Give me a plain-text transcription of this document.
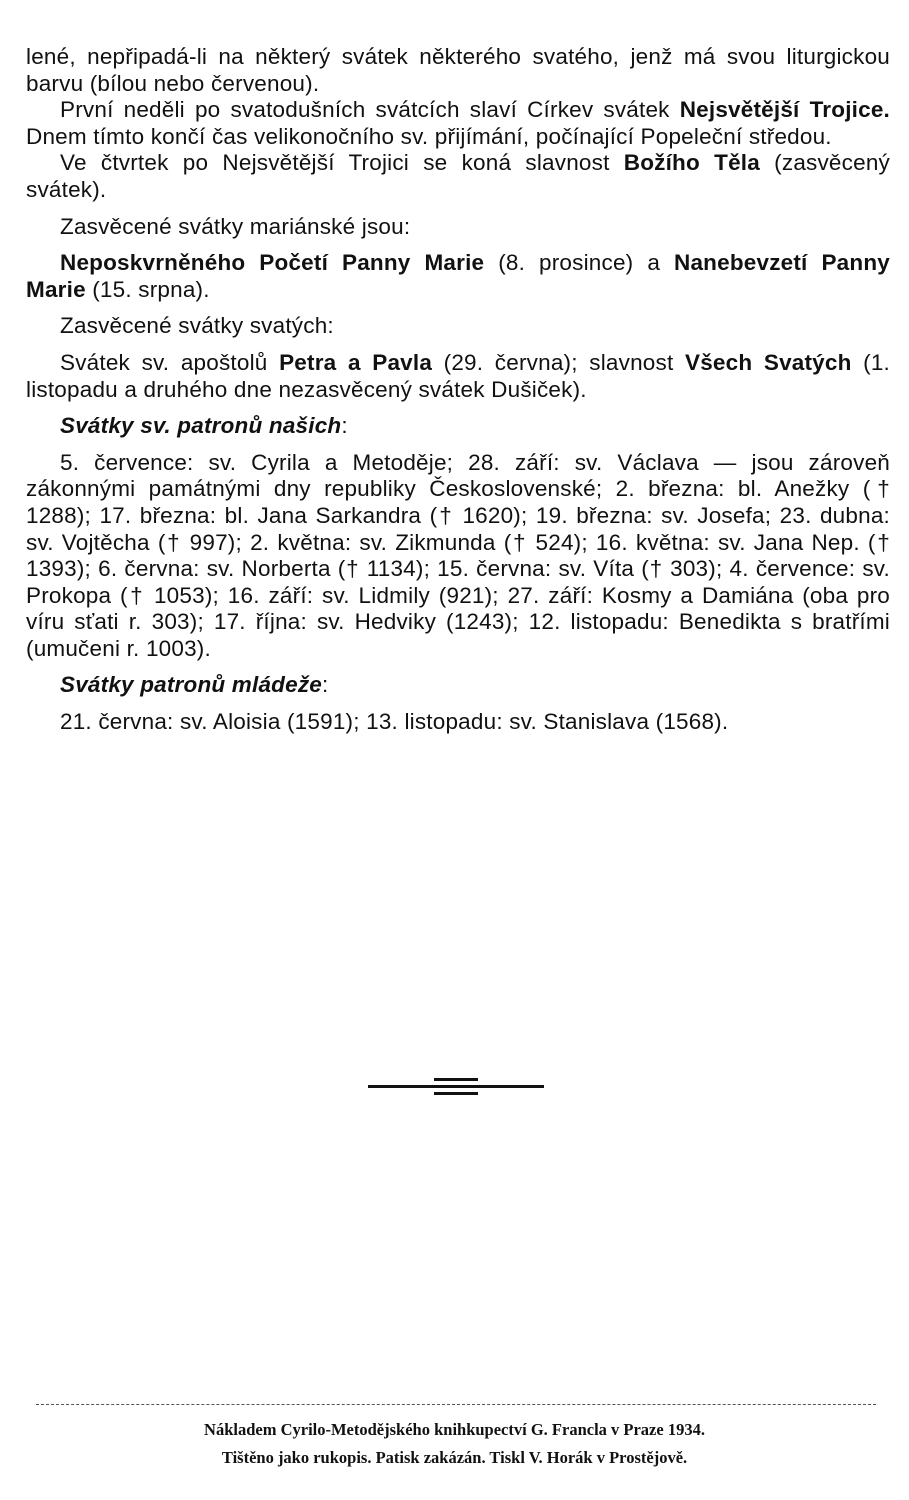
lené, nepřipadá-li na některý svátek některého svatého, jenž má svou liturgickou barvu (bílou nebo červenou).

První neděli po svatodušních svátcích slaví Církev svátek Nejsvětější Trojice. Dnem tímto končí čas velikonočního sv. přijímání, počínající Popeleční středou.

Ve čtvrtek po Nejsvětější Trojici se koná slavnost Božího Těla (zasvěcený svátek).

Zasvěcené svátky mariánské jsou:

Neposkvrněného Početí Panny Marie (8. prosince) a Nanebevzetí Panny Marie (15. srpna).

Zasvěcené svátky svatých:

Svátek sv. apoštolů Petra a Pavla (29. června); slavnost Všech Svatých (1. listopadu a druhého dne nezasvěcený svátek Dušiček).

Svátky sv. patronů našich:

5. července: sv. Cyrila a Metoděje; 28. září: sv. Václava — jsou zároveň zákonnými památnými dny republiky Československé; 2. března: bl. Anežky († 1288); 17. března: bl. Jana Sarkandra († 1620); 19. března: sv. Josefa; 23. dubna: sv. Vojtěcha († 997); 2. května: sv. Zikmunda († 524); 16. května: sv. Jana Nep. († 1393); 6. června: sv. Norberta († 1134); 15. června: sv. Víta († 303); 4. července: sv. Prokopa († 1053); 16. září: sv. Lidmily (921); 27. září: Kosmy a Damiána (oba pro víru sťati r. 303); 17. října: sv. Hedviky (1243); 12. listopadu: Benedikta s bratřími (umučeni r. 1003).

Svátky patronů mládeže:

21. června: sv. Aloisia (1591); 13. listopadu: sv. Stanislava (1568).

Nákladem Cyrilo-Metodějského knihkupectví G. Francla v Praze 1934.
Tištěno jako rukopis. Patisk zakázán. Tiskl V. Horák v Prostějově.
